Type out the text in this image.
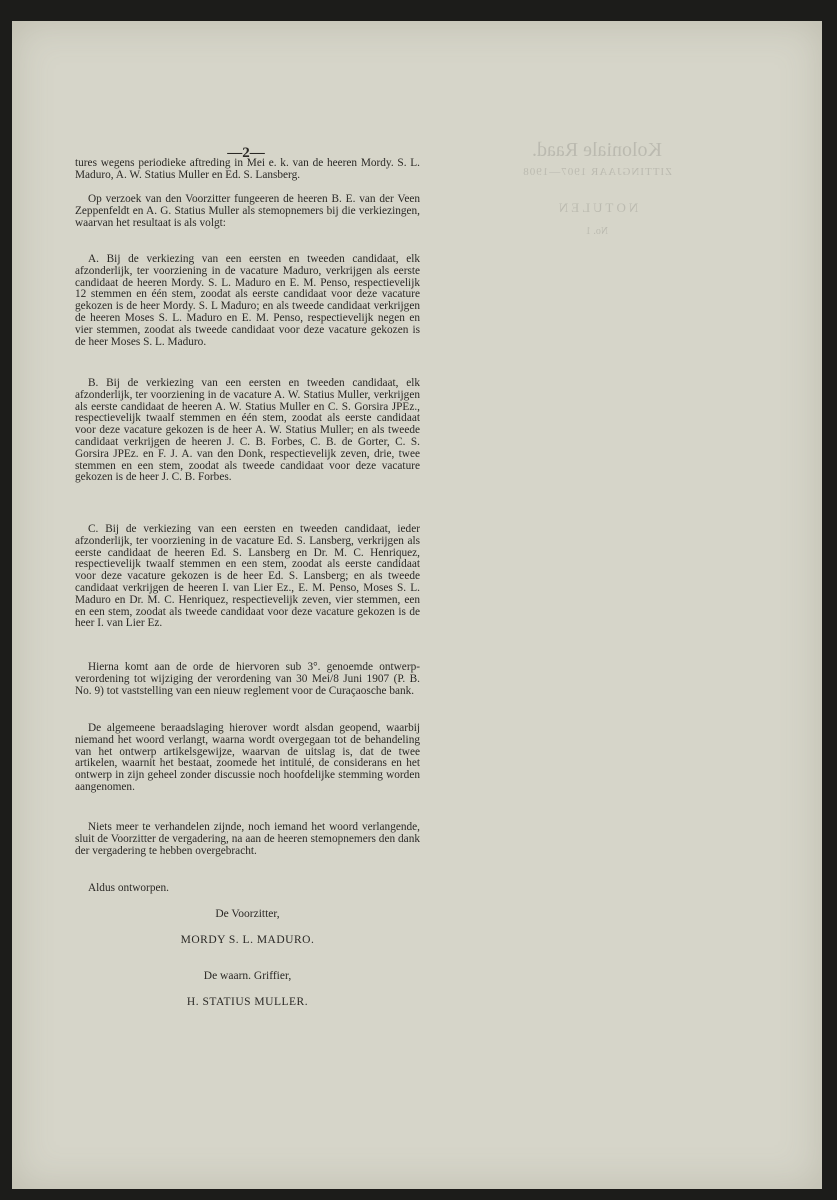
Koloniale Raad.
ZITTINGJAAR 1907—1908
NOTULEN
No. 1
—2—

tures wegens periodieke aftreding in Mei e. k. van de heeren Mordy. S. L. Maduro, A. W. Statius Muller en Ed. S. Lansberg.

Op verzoek van den Voorzitter fungeeren de heeren B. E. van der Veen Zeppenfeldt en A. G. Statius Muller als stemopnemers bij die verkiezingen, waarvan het resultaat is als volgt:

A. Bij de verkiezing van een eersten en tweeden candidaat, elk afzonderlijk, ter voorziening in de vacature Maduro, verkrijgen als eerste candidaat de heeren Mordy. S. L. Maduro en E. M. Penso, respectievelijk 12 stemmen en één stem, zoodat als eerste candidaat voor deze vacature gekozen is de heer Mordy. S. L Maduro; en als tweede candidaat verkrijgen de heeren Moses S. L. Maduro en E. M. Penso, respectievelijk negen en vier stemmen, zoodat als tweede candidaat voor deze vacature gekozen is de heer Moses S. L. Maduro.

B. Bij de verkiezing van een eersten en tweeden candidaat, elk afzonderlijk, ter voorziening in de vacature A. W. Statius Muller, verkrijgen als eerste candidaat de heeren A. W. Statius Muller en C. S. Gorsira JPEz., respectievelijk twaalf stemmen en één stem, zoodat als eerste candidaat voor deze vacature gekozen is de heer A. W. Statius Muller; en als tweede candidaat verkrijgen de heeren J. C. B. Forbes, C. B. de Gorter, C. S. Gorsira JPEz. en F. J. A. van den Donk, respectievelijk zeven, drie, twee stemmen en een stem, zoodat als tweede candidaat voor deze vacature gekozen is de heer J. C. B. Forbes.

C. Bij de verkiezing van een eersten en tweeden candidaat, ieder afzonderlijk, ter voorziening in de vacature Ed. S. Lansberg, verkrijgen als eerste candidaat de heeren Ed. S. Lansberg en Dr. M. C. Henriquez, respectievelijk twaalf stemmen en een stem, zoodat als eerste candidaat voor deze vacature gekozen is de heer Ed. S. Lansberg; en als tweede candidaat verkrijgen de heeren I. van Lier Ez., E. M. Penso, Moses S. L. Maduro en Dr. M. C. Henriquez, respectievelijk zeven, vier stemmen, een en een stem, zoodat als tweede candidaat voor deze vacature gekozen is de heer I. van Lier Ez.

Hierna komt aan de orde de hiervoren sub 3°. genoemde ontwerp-verordening tot wijziging der verordening van 30 Mei/8 Juni 1907 (P. B. No. 9) tot vaststelling van een nieuw reglement voor de Curaçaosche bank.

De algemeene beraadslaging hierover wordt alsdan geopend, waarbij niemand het woord verlangt, waarna wordt overgegaan tot de behandeling van het ontwerp artikelsgewijze, waarvan de uitslag is, dat de twee artikelen, waarnit het bestaat, zoomede het intitulé, de considerans en het ontwerp in zijn geheel zonder discussie noch hoofdelijke stemming worden aangenomen.

Niets meer te verhandelen zijnde, noch iemand het woord verlangende, sluit de Voorzitter de vergadering, na aan de heeren stemopnemers den dank der vergadering te hebben overgebracht.

Aldus ontworpen.

De Voorzitter,

MORDY S. L. MADURO.

De waarn. Griffier,

H. STATIUS MULLER.
